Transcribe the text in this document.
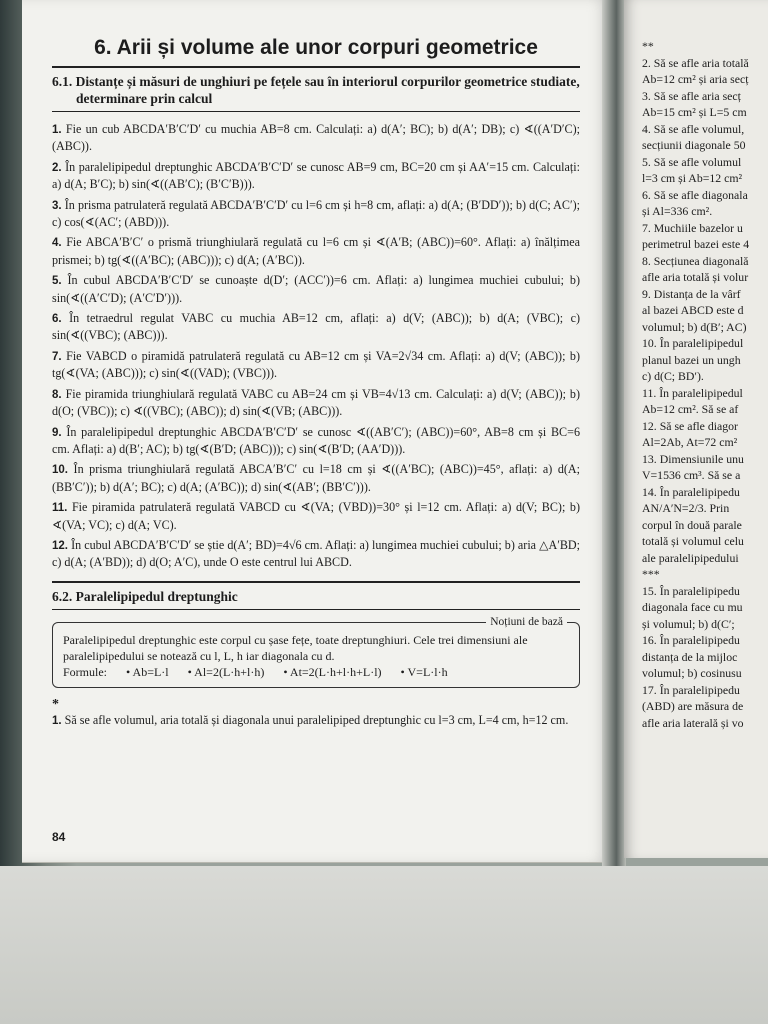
**

2. Să se afle aria totală

Ab=12 cm² și aria secț

3. Să se afle aria secț

Ab=15 cm² și L=5 cm

4. Să se afle volumul,

secțiunii diagonale 50

5. Să se afle volumul

l=3 cm și Ab=12 cm²

6. Să se afle diagonala

și Al=336 cm².

7. Muchiile bazelor u

perimetrul bazei este 4

8. Secțiunea diagonală

afle aria totală și volur

9. Distanța de la vârf

al bazei ABCD este d

volumul; b) d(B′; AC)

10. În paralelipipedul

planul bazei un ungh

c) d(C; BD′).

11. În paralelipipedul

Ab=12 cm². Să se af

12. Să se afle diagor

Al=2Ab, At=72 cm²

13. Dimensiunile unu

V=1536 cm³. Să se a

14. În paralelipipedu

AN/A′N=2/3. Prin

corpul în două parale

totală și volumul celu

ale paralelipipedului

***

15. În paralelipipedu

diagonala face cu mu

și volumul; b) d(C′;

16. În paralelipipedu

distanța de la mijloc

volumul; b) cosinusu

17. În paralelipipedu

(ABD) are măsura de

afle aria laterală și vo

6. Arii și volume ale unor corpuri geometrice
6.1. Distanțe și măsuri de unghiuri pe fețele sau în interiorul corpurilor geometrice studiate, determinare prin calcul

1. Fie un cub ABCDA′B′C′D′ cu muchia AB=8 cm. Calculați: a) d(A′; BC); b) d(A′; DB); c) ∢((A′D′C); (ABC)).

2. În paralelipipedul dreptunghic ABCDA′B′C′D′ se cunosc AB=9 cm, BC=20 cm și AA′=15 cm. Calculați: a) d(A; B′C); b) sin(∢((AB′C); (B′C′B))).

3. În prisma patrulateră regulată ABCDA′B′C′D′ cu l=6 cm și h=8 cm, aflați: a) d(A; (B′DD′)); b) d(C; AC′); c) cos(∢(AC′; (ABD))).

4. Fie ABCA′B′C′ o prismă triunghiulară regulată cu l=6 cm și ∢(A′B; (ABC))=60°. Aflați: a) înălțimea prismei; b) tg(∢((A′BC); (ABC))); c) d(A; (A′BC)).

5. În cubul ABCDA′B′C′D′ se cunoaște d(D′; (ACC′))=6 cm. Aflați: a) lungimea muchiei cubului; b) sin(∢((A′C′D); (A′C′D′))).

6. În tetraedrul regulat VABC cu muchia AB=12 cm, aflați: a) d(V; (ABC)); b) d(A; (VBC); c) sin(∢((VBC); (ABC))).

7. Fie VABCD o piramidă patrulateră regulată cu AB=12 cm și VA=2√34 cm. Aflați: a) d(V; (ABC)); b) tg(∢(VA; (ABC))); c) sin(∢((VAD); (VBC))).

8. Fie piramida triunghiulară regulată VABC cu AB=24 cm și VB=4√13 cm. Calculați: a) d(V; (ABC)); b) d(O; (VBC)); c) ∢((VBC); (ABC)); d) sin(∢(VB; (ABC))).

9. În paralelipipedul dreptunghic ABCDA′B′C′D′ se cunosc ∢((AB′C′); (ABC))=60°, AB=8 cm și BC=6 cm. Aflați: a) d(B′; AC); b) tg(∢(B′D; (ABC))); c) sin(∢(B′D; (AA′D))).

10. În prisma triunghiulară regulată ABCA′B′C′ cu l=18 cm și ∢((A′BC); (ABC))=45°, aflați: a) d(A; (BB′C′)); b) d(A′; BC); c) d(A; (A′BC)); d) sin(∢(AB′; (BB′C′))).

11. Fie piramida patrulateră regulată VABCD cu ∢(VA; (VBD))=30° și l=12 cm. Aflați: a) d(V; BC); b) ∢(VA; VC); c) d(A; VC).

12. În cubul ABCDA′B′C′D′ se știe d(A′; BD)=4√6 cm. Aflați: a) lungimea muchiei cubului; b) aria △A′BD; c) d(A; (A′BD)); d) d(O; A′C), unde O este centrul lui ABCD.

6.2. Paralelipipedul dreptunghic
Noțiuni de bază
Paralelipipedul dreptunghic este corpul cu șase fețe, toate dreptunghiuri. Cele trei dimensiuni ale paralelipipedului se notează cu l, L, h iar diagonala cu d.
Formule: • Ab=L·l • Al=2(L·h+l·h) • At=2(L·h+l·h+L·l) • V=L·l·h
*

1. Să se afle volumul, aria totală și diagonala unui paralelipiped dreptunghic cu l=3 cm, L=4 cm, h=12 cm.

84
